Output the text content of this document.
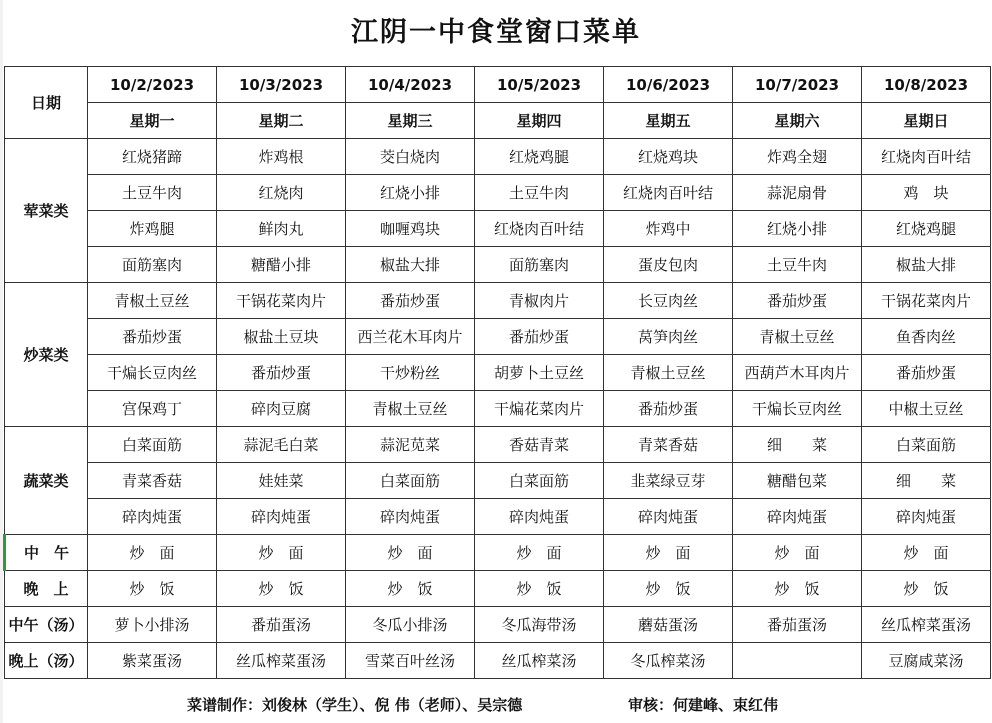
江阴一中食堂窗口菜单
日期	10/2/2023	10/3/2023	10/4/2023	10/5/2023	10/6/2023	10/7/2023	10/8/2023
	星期一	星期二	星期三	星期四	星期五	星期六	星期日
荤菜类	红烧猪蹄	炸鸡根	茭白烧肉	红烧鸡腿	红烧鸡块	炸鸡全翅	红烧肉百叶结
	土豆牛肉	红烧肉	红烧小排	土豆牛肉	红烧肉百叶结	蒜泥扇骨	鸡　块
	炸鸡腿	鲜肉丸	咖喱鸡块	红烧肉百叶结	炸鸡中	红烧小排	红烧鸡腿
	面筋塞肉	糖醋小排	椒盐大排	面筋塞肉	蛋皮包肉	土豆牛肉	椒盐大排
炒菜类	青椒土豆丝	干锅花菜肉片	番茄炒蛋	青椒肉片	长豆肉丝	番茄炒蛋	干锅花菜肉片
	番茄炒蛋	椒盐土豆块	西兰花木耳肉片	番茄炒蛋	莴笋肉丝	青椒土豆丝	鱼香肉丝
	干煸长豆肉丝	番茄炒蛋	干炒粉丝	胡萝卜土豆丝	青椒土豆丝	西葫芦木耳肉片	番茄炒蛋
	宫保鸡丁	碎肉豆腐	青椒土豆丝	干煸花菜肉片	番茄炒蛋	干煸长豆肉丝	中椒土豆丝
蔬菜类	白菜面筋	蒜泥毛白菜	蒜泥苋菜	香菇青菜	青菜香菇	细　　菜	白菜面筋
	青菜香菇	娃娃菜	白菜面筋	白菜面筋	韭菜绿豆芽	糖醋包菜	细　　菜
	碎肉炖蛋	碎肉炖蛋	碎肉炖蛋	碎肉炖蛋	碎肉炖蛋	碎肉炖蛋	碎肉炖蛋
中　午	炒　面	炒　面	炒　面	炒　面	炒　面	炒　面	炒　面
晚　上	炒　饭	炒　饭	炒　饭	炒　饭	炒　饭	炒　饭	炒　饭
中午（汤）	萝卜小排汤	番茄蛋汤	冬瓜小排汤	冬瓜海带汤	蘑菇蛋汤	番茄蛋汤	丝瓜榨菜蛋汤
晚上（汤）	紫菜蛋汤	丝瓜榨菜蛋汤	雪菜百叶丝汤	丝瓜榨菜汤	冬瓜榨菜汤		豆腐咸菜汤
菜谱制作：刘俊林（学生）、倪 伟（老师）、吴宗德	审核：何建峰、束红伟
